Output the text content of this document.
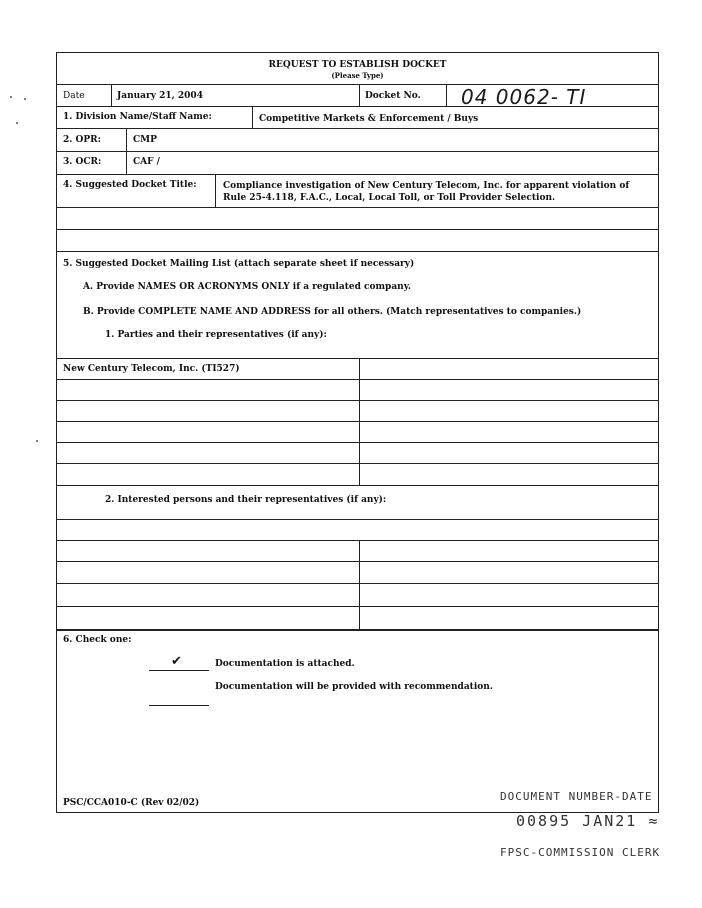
REQUEST TO ESTABLISH DOCKET
(Please Type)
Date	January 21, 2004	Docket No. 04 0062- TI
1. Division Name/Staff Name:	Competitive Markets & Enforcement / Buys
2. OPR:	CMP
3. OCR:	CAF /
4. Suggested Docket Title:	Compliance investigation of New Century Telecom, Inc. for apparent violation of
Rule 25-4.118, F.A.C., Local, Local Toll, or Toll Provider Selection.
5. Suggested Docket Mailing List (attach separate sheet if necessary)
A. Provide NAMES OR ACRONYMS ONLY if a regulated company.
B. Provide COMPLETE NAME AND ADDRESS for all others. (Match representatives to companies.)
1. Parties and their representatives (if any):
New Century Telecom, Inc. (TI527)
2. Interested persons and their representatives (if any):
6. Check one:
✔	Documentation is attached.
Documentation will be provided with recommendation.
PSC/CCA010-C (Rev 02/02)	DOCUMENT NUMBER-DATE
00895 JAN21 ≈
FPSC-COMMISSION CLERK
